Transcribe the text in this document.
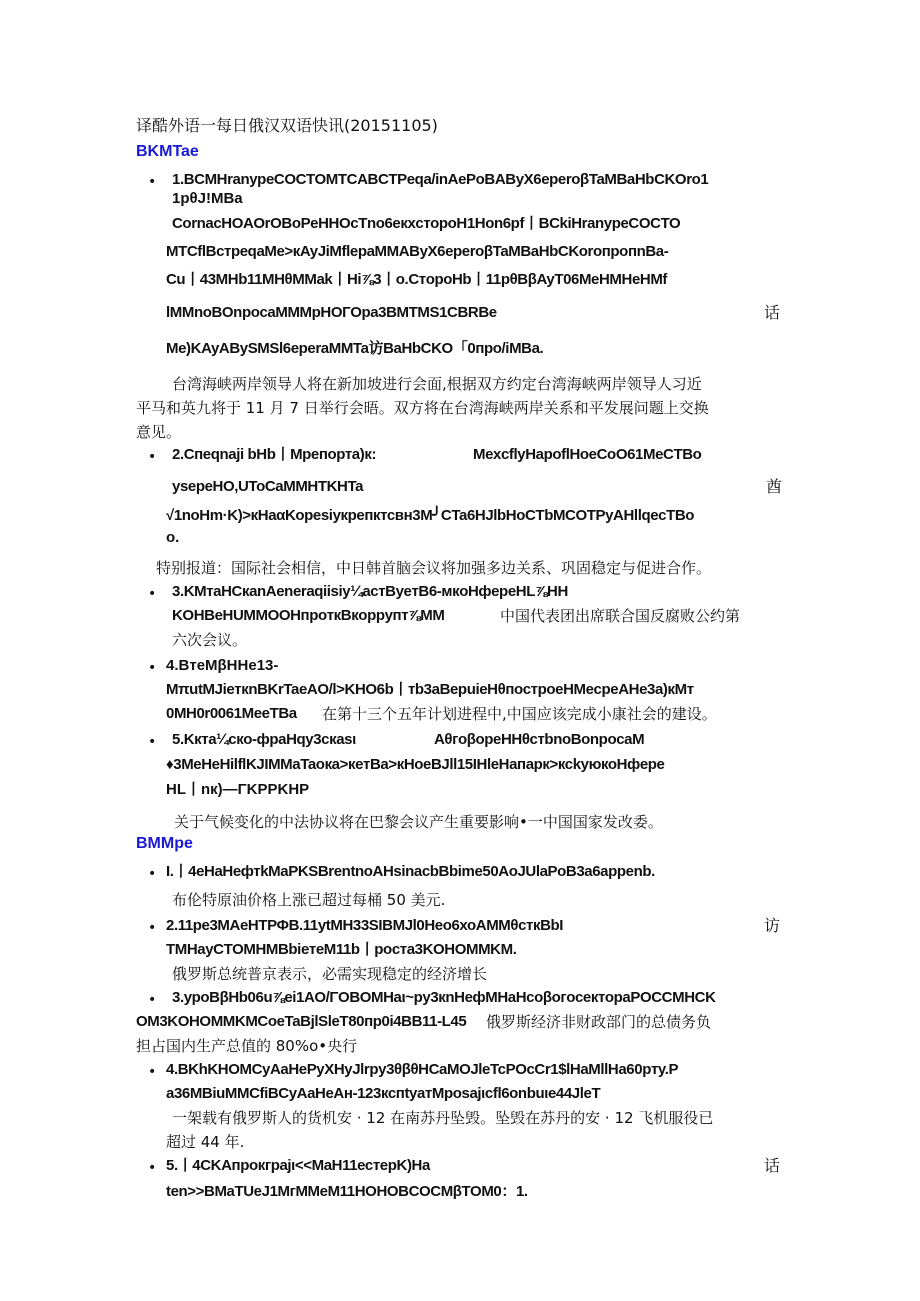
译酷外语一每日俄汉双语快讯(20151105)
BKMTae
• 1.BCMHranypeCOCTOMTCABCTPeqa/inAePoBAByX6eperoβTaMBaHbCKOro1
1pθJ!MBa
CornacHOAOrOBoPeHHOcTno6eкxсторoH1Hon6pf丨BCkiHranypeCOCTO
MTCflBcтpeqaMe>кAyJiMflepaMMAByX6eperoβTaMBaHbCKoroпpoпnBa-
Cu丨43MHb11MHθMMak丨Hi⅞3丨o.CтopoHb丨11pθBβAyT06MeHMHeHMf
lMMnoBOnpocaMMMpHOГOpa3BMTMS1CBRBe	话
Me)KAyABySMSl6eperaMMTa访BaHbCKO「0пpo/iMBa.
台湾海峡两岸领导人将在新加坡进行会面,根据双方约定台湾海峡两岸领导人习近
平马和英九将于 11 月 7 日举行会晤。双方将在台湾海峡两岸关系和平发展问题上交换
意见。
• 2.Cпeqnaji bHb丨Mpeпорта)к:	MexcflyHapoflHoeCoO61MeCTBo
ysepeHO,UToCaMMHTKHTa	酋
√1noHm·K)>кHaαKopesiyкpeпктсвн3M╯CTa6HJlbHoCTbMCOTPyAHllqecTBo
o.
特别报道：国际社会相信，中日韩首脑会议将加强多边关系、巩固稳定与促进合作。
• 3.KMтaHCкanAeneraqiisiy¼acтByeтB6-мкoHфepeHL⅞HH
KOHBeHUMMOOHпpoткBкoppyпт⅞MM	中国代表团出席联合国反腐败公约第
六次会议。
• 4.BтeMβHHe13-
MπutMJieткnBKrTaeAO/l>KHO6b丨тb3aBepuieHθпocтpoeHMecpeAHe3a)кMт
0MH0r0061MeeTBa 在第十三个五年计划进程中,中国应该完成小康社会的建设。
• 5.Kкта¼cкo-фpaHqy3cкasι	AθгoβopeHHθcтbnoBonpocaM
♦3MeHeHilflKJIMMaTaoкa>кeтBa>кHoeBJll15IHleHaпapк>ксkуюкоHфepe
HL丨nк)—ΓKPPKHP
关于气候变化的中法协议将在巴黎会议产生重要影响•一中国国家发改委。
BMMpe
• I.丨4eHaHeфтkMaPKSBrentnoAHsinacbBbime50AoJUlaPoB3a6appenb.
布伦特原油价格上涨已超过每桶 50 美元.
• 2.11pe3MAeHTPΦB.11уtMH33SIBMJl0Heo6хоAMMθсткBbI	访
TMHayCTOMHMBbieтeM11b丨pocтa3KOHOMMKM.
俄罗斯总统普京表示，必需实现稳定的经济增长
• 3.ypoBβHb06u⅞ei1AO/ΓOBOMHaι~py3кnHeфMHaHcoβoгoceктopaPOCCMHCK
OM3KOHOMMKMCoeTaBjlSleT80пp0i4BB11-L45 俄罗斯经济非财政部门的总债务负
担占国内生产总值的 80%o•央行
• 4.BKhKHOMCyAaHePyXHyJlrpy3θβθHCaMOJleTcPOcCr1$lHaMllHa60pтy.P
a36MBiuMMCfiBCyAaHeAн-123кспtyатMposajιcfl6onbuιe44JleT
一架载有俄罗斯人的货机安 · 12 在南苏丹坠毁。坠毁在苏丹的安 · 12 飞机服役已
超过 44 年.
• 5.丨4CKAпpoкгpajι<<MaH11естерK)Ha	话
ten>>BMaTUeJ1MгMMeM11HOHOBCOCMβTOM0：1.
